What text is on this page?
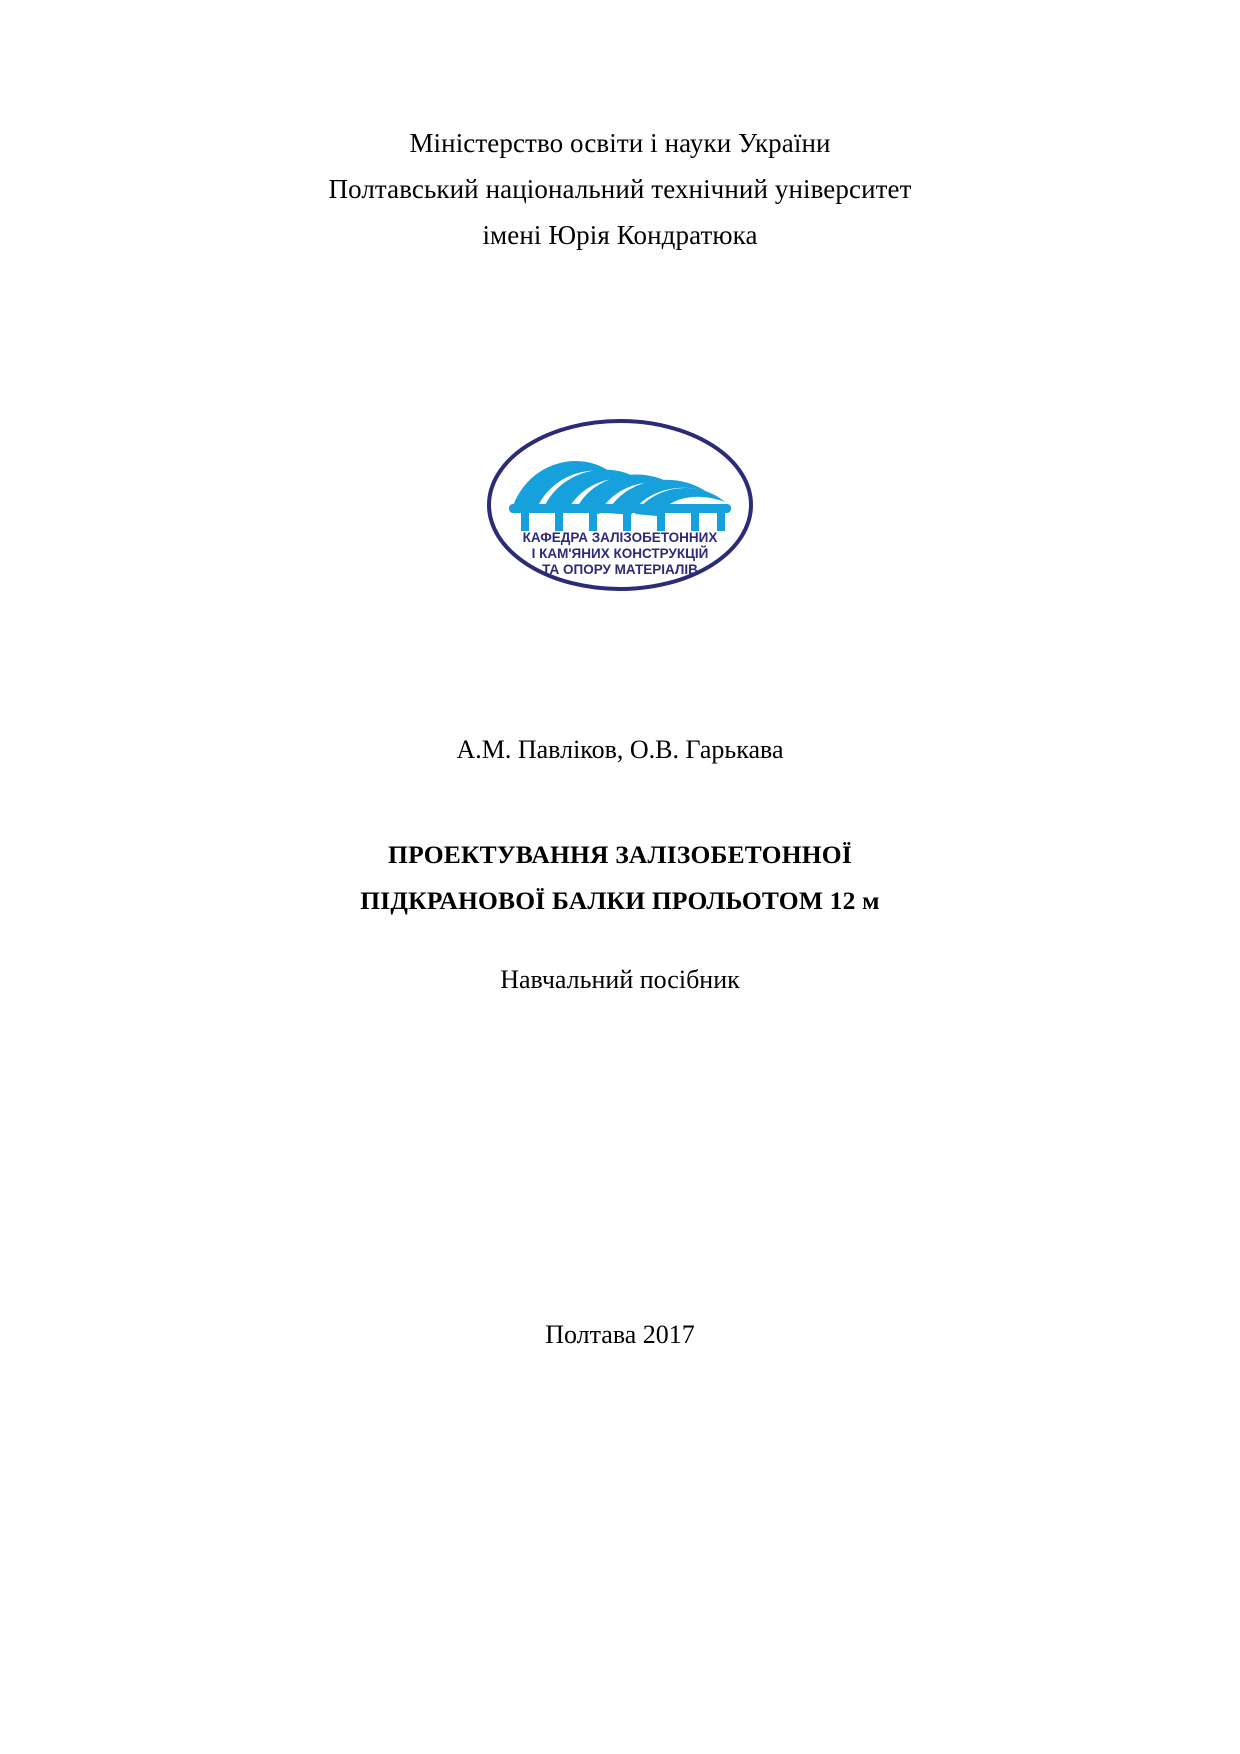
Міністерство освіти і науки України
Полтавський національний технічний університет
імені Юрія Кондратюка
КАФЕДРА ЗАЛІЗОБЕТОННИХ
І КАМ'ЯНИХ КОНСТРУКЦІЙ
ТА ОПОРУ МАТЕРІАЛІВ
А.М. Павліков, О.В. Гарькава
ПРОЕКТУВАННЯ ЗАЛІЗОБЕТОННОЇ
ПІДКРАНОВОЇ БАЛКИ ПРОЛЬОТОМ 12 м
Навчальний посібник
Полтава 2017
